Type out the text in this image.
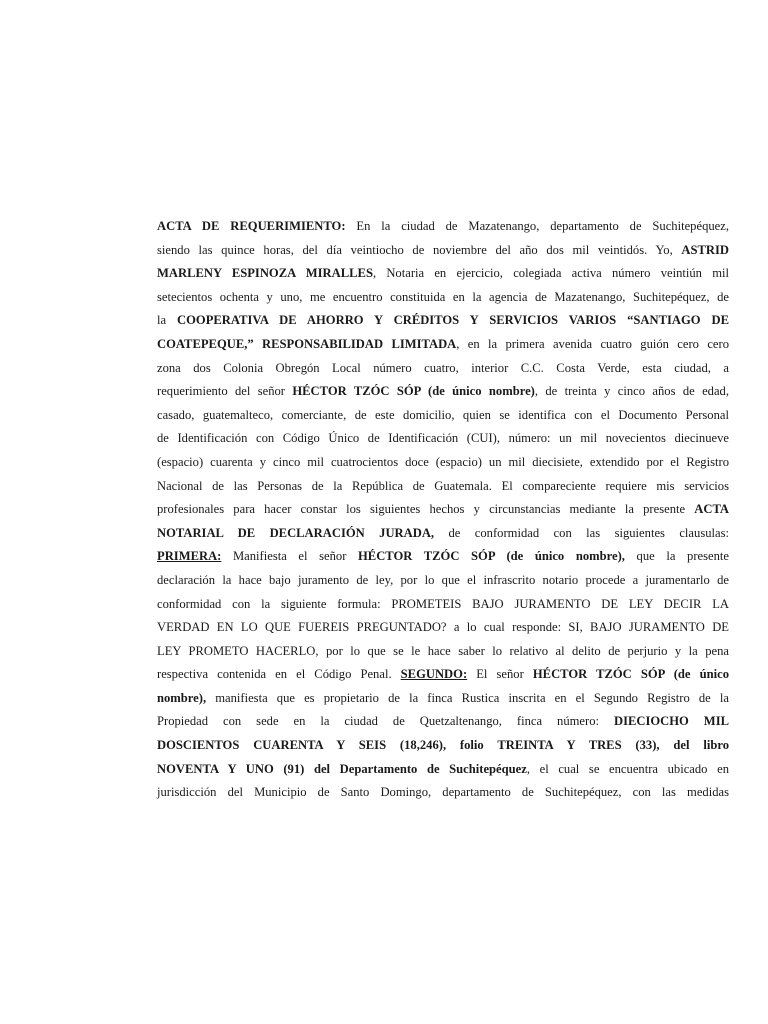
ACTA DE REQUERIMIENTO: En la ciudad de Mazatenango, departamento de Suchitepéquez,
siendo las quince horas, del día veintiocho de noviembre del año dos mil veintidós. Yo, ASTRID
MARLENY ESPINOZA MIRALLES, Notaria en ejercicio, colegiada activa número veintiún mil
setecientos ochenta y uno, me encuentro constituida en la agencia de Mazatenango, Suchitepéquez, de
la COOPERATIVA DE AHORRO Y CRÉDITOS Y SERVICIOS VARIOS “SANTIAGO DE
COATEPEQUE,” RESPONSABILIDAD LIMITADA, en la primera avenida cuatro guión cero cero
zona dos Colonia Obregón Local número cuatro, interior C.C. Costa Verde, esta ciudad, a
requerimiento del señor HÉCTOR TZÓC SÓP (de único nombre), de treinta y cinco años de edad,
casado, guatemalteco, comerciante, de este domicilio, quien se identifica con el Documento Personal
de Identificación con Código Único de Identificación (CUI), número: un mil novecientos diecinueve
(espacio) cuarenta y cinco mil cuatrocientos doce (espacio) un mil diecisiete, extendido por el Registro
Nacional de las Personas de la República de Guatemala. El compareciente requiere mis servicios
profesionales para hacer constar los siguientes hechos y circunstancias mediante la presente ACTA
NOTARIAL DE DECLARACIÓN JURADA, de conformidad con las siguientes clausulas:
PRIMERA: Manifiesta el señor HÉCTOR TZÓC SÓP (de único nombre), que la presente
declaración la hace bajo juramento de ley, por lo que el infrascrito notario procede a juramentarlo de
conformidad con la siguiente formula: PROMETEIS BAJO JURAMENTO DE LEY DECIR LA
VERDAD EN LO QUE FUEREIS PREGUNTADO? a lo cual responde: SI, BAJO JURAMENTO DE
LEY PROMETO HACERLO, por lo que se le hace saber lo relativo al delito de perjurio y la pena
respectiva contenida en el Código Penal. SEGUNDO: El señor HÉCTOR TZÓC SÓP (de único
nombre), manifiesta que es propietario de la finca Rustica inscrita en el Segundo Registro de la
Propiedad con sede en la ciudad de Quetzaltenango, finca número: DIECIOCHO MIL
DOSCIENTOS CUARENTA Y SEIS (18,246), folio TREINTA Y TRES (33), del libro
NOVENTA Y UNO (91) del Departamento de Suchitepéquez, el cual se encuentra ubicado en
jurisdicción del Municipio de Santo Domingo, departamento de Suchitepéquez, con las medidas
